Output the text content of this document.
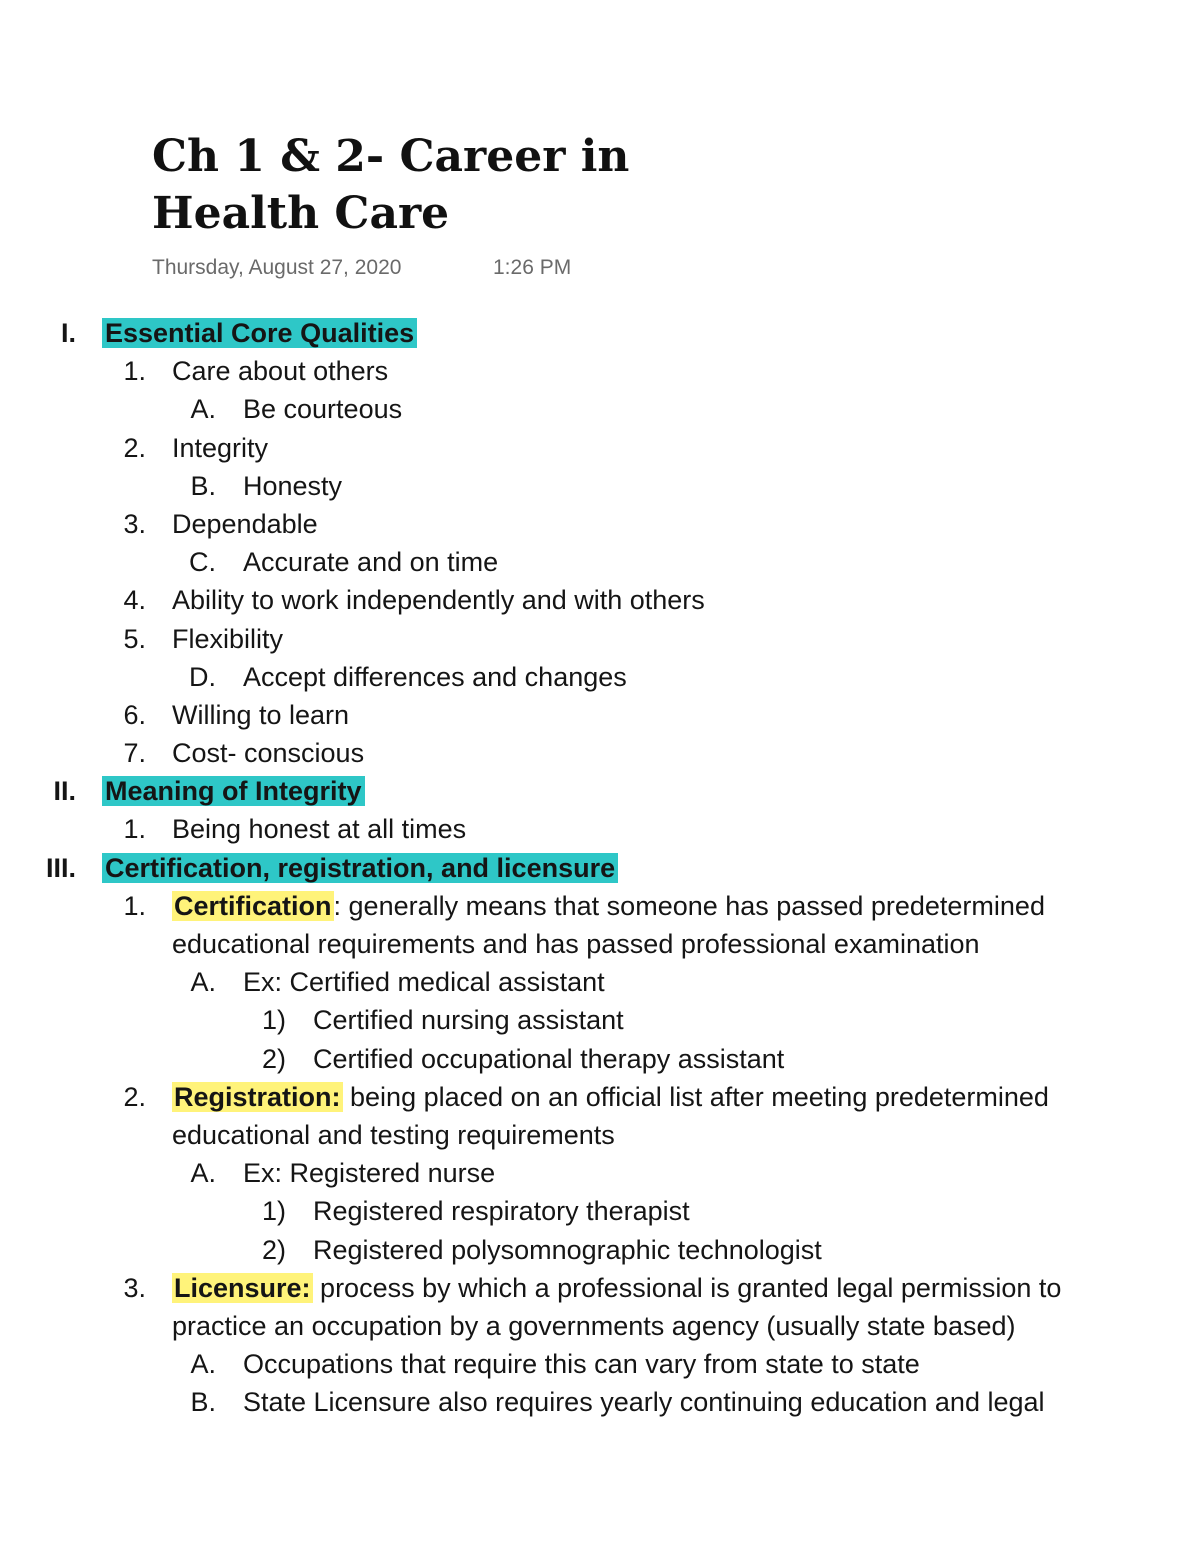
Ch 1 & 2- Career in
Health Care
Thursday, August 27, 2020	1:26 PM
I. Essential Core Qualities
1. Care about others
A. Be courteous
2. Integrity
B. Honesty
3. Dependable
C. Accurate and on time
4. Ability to work independently and with others
5. Flexibility
D. Accept differences and changes
6. Willing to learn
7. Cost- conscious
II. Meaning of Integrity
1. Being honest at all times
III. Certification, registration, and licensure
1. Certification: generally means that someone has passed predetermined
educational requirements and has passed professional examination
A. Ex: Certified medical assistant
1) Certified nursing assistant
2) Certified occupational therapy assistant
2. Registration: being placed on an official list after meeting predetermined
educational and testing requirements
A. Ex: Registered nurse
1) Registered respiratory therapist
2) Registered polysomnographic technologist
3. Licensure: process by which a professional is granted legal permission to
practice an occupation by a governments agency (usually state based)
A. Occupations that require this can vary from state to state
B. State Licensure also requires yearly continuing education and legal
